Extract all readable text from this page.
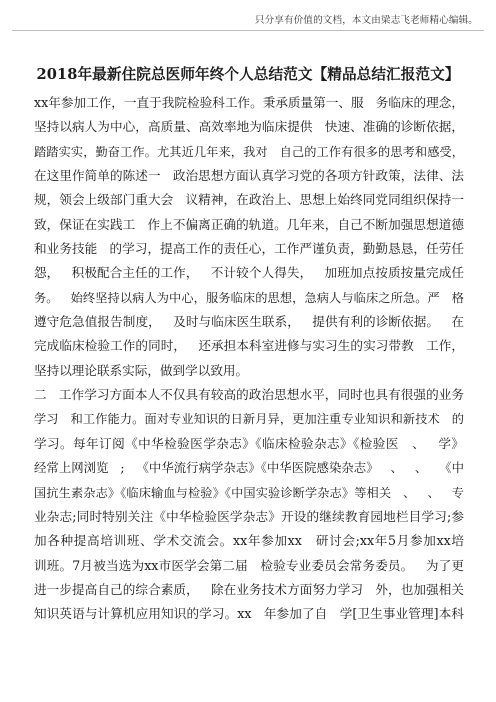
只分享有价值的文档，本文由梁志飞老师精心编辑。
2018年最新住院总医师年终个人总结范文【精品总结汇报范文】
xx年参加工作，一直于我院检验科工作。秉承质量第一、服   务临床的理念，
坚持以病人为中心，高质量、高效率地为临床提供   快速、准确的诊断依据，
踏踏实实，勤奋工作。尤其近几年来，我对   自己的工作有很多的思考和感受，
在这里作简单的陈述一   政治思想方面认真学习党的各项方针政策，法律、法
规，领会上级部门重大会   议精神，在政治上、思想上始终同党同组织保持一
致，保证在实践工   作上不偏离正确的轨道。几年来，自己不断加强思想道德
和业务技能   的学习，提高工作的责任心，工作严谨负责，勤勤恳恳，任劳任
怨，   积极配合主任的工作，   不计较个人得失，   加班加点按质按量完成任
务。   始终坚持以病人为中心，服务临床的思想，急病人与临床之所急。严   格
遵守危急值报告制度，   及时与临床医生联系，   提供有利的诊断依据。   在
完成临床检验工作的同时，   还承担本科室进修与实习生的实习带教   工作，
坚持以理论联系实际，做到学以致用。
二   工作学习方面本人不仅具有较高的政治思想水平，同时也具有很强的业务
学习   和工作能力。面对专业知识的日新月异，更加注重专业知识和新技术   的
学习。每年订阅《中华检验医学杂志》《临床检验杂志》《检验医   、   学》
经常上网浏览   ;   《中华流行病学杂志》《中华医院感染杂志》   、   、   《中
国抗生素杂志》《临床输血与检验》《中国实验诊断学杂志》等相关   、   、   专
业杂志;同时特别关注《中华检验医学杂志》开设的继续教育园地栏目学习;参
加各种提高培训班、学术交流会。xx年参加xx   研讨会;xx年5月参加xx培
训班。7月被当选为xx市医学会第二届   检验专业委员会常务委员。   为了更
进一步提高自己的综合素质，   除在业务技术方面努力学习   外，也加强相关
知识英语与计算机应用知识的学习。xx   年参加了自   学[卫生事业管理]本科
